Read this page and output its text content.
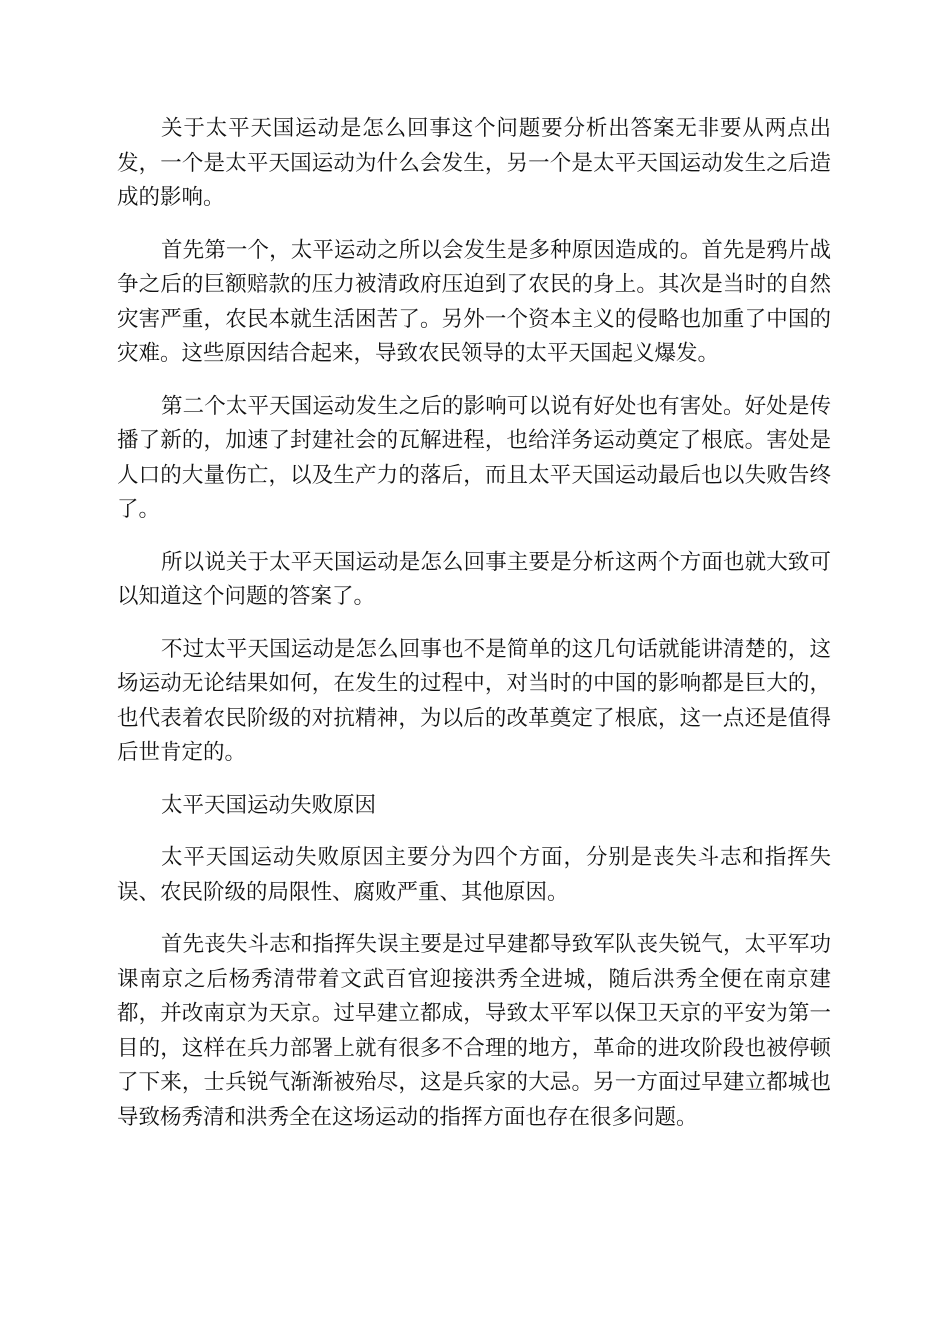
关于太平天国运动是怎么回事这个问题要分析出答案无非要从两点出发，一个是太平天国运动为什么会发生，另一个是太平天国运动发生之后造成的影响。

首先第一个，太平运动之所以会发生是多种原因造成的。首先是鸦片战争之后的巨额赔款的压力被清政府压迫到了农民的身上。其次是当时的自然灾害严重，农民本就生活困苦了。另外一个资本主义的侵略也加重了中国的灾难。这些原因结合起来，导致农民领导的太平天国起义爆发。

第二个太平天国运动发生之后的影响可以说有好处也有害处。好处是传播了新的，加速了封建社会的瓦解进程，也给洋务运动奠定了根底。害处是人口的大量伤亡，以及生产力的落后，而且太平天国运动最后也以失败告终了。

所以说关于太平天国运动是怎么回事主要是分析这两个方面也就大致可以知道这个问题的答案了。

不过太平天国运动是怎么回事也不是简单的这几句话就能讲清楚的，这场运动无论结果如何，在发生的过程中，对当时的中国的影响都是巨大的，也代表着农民阶级的对抗精神，为以后的改革奠定了根底，这一点还是值得后世肯定的。

太平天国运动失败原因

太平天国运动失败原因主要分为四个方面，分别是丧失斗志和指挥失误、农民阶级的局限性、腐败严重、其他原因。

首先丧失斗志和指挥失误主要是过早建都导致军队丧失锐气，太平军功课南京之后杨秀清带着文武百官迎接洪秀全进城，随后洪秀全便在南京建都，并改南京为天京。过早建立都成，导致太平军以保卫天京的平安为第一目的，这样在兵力部署上就有很多不合理的地方，革命的进攻阶段也被停顿了下来，士兵锐气渐渐被殆尽，这是兵家的大忌。另一方面过早建立都城也导致杨秀清和洪秀全在这场运动的指挥方面也存在很多问题。
